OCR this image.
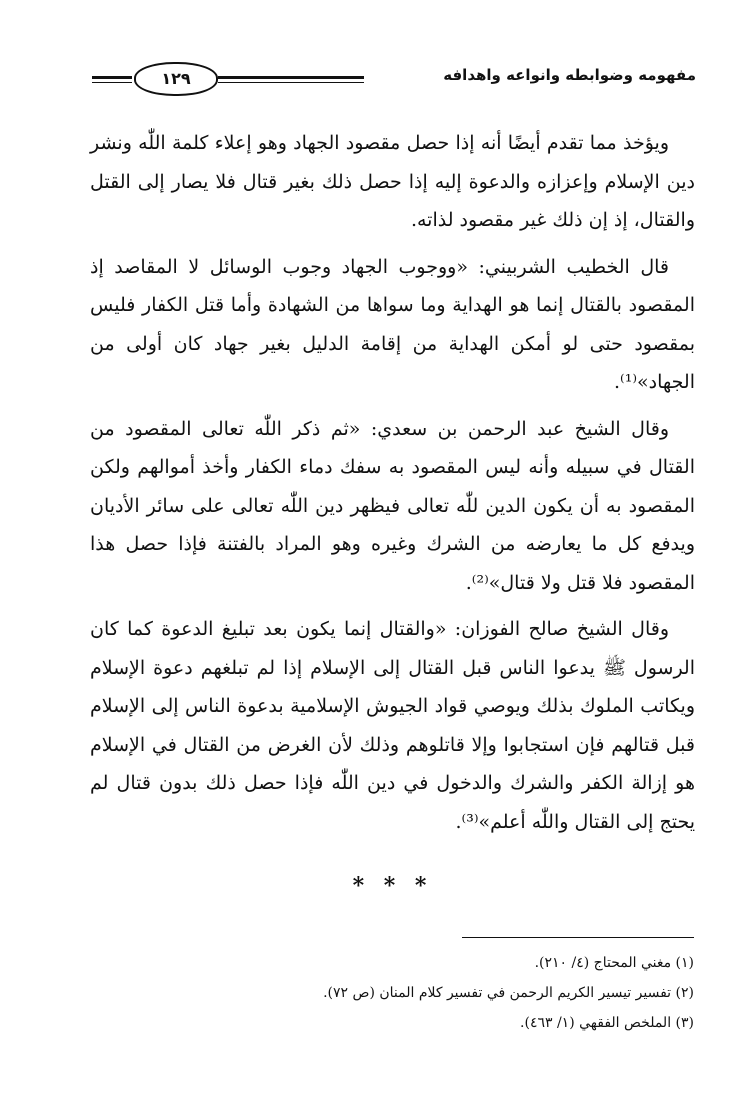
مفهومه وضوابطه وانواعه واهدافه
١٢٩

ويؤخذ مما تقدم أيضًا أنه إذا حصل مقصود الجهاد وهو إعلاء كلمة اللّٰه ونشر دين الإسلام وإعزازه والدعوة إليه إذا حصل ذلك بغير قتال فلا يصار إلى القتل والقتال، إذ إن ذلك غير مقصود لذاته.

قال الخطيب الشربيني: «ووجوب الجهاد وجوب الوسائل لا المقاصد إذ المقصود بالقتال إنما هو الهداية وما سواها من الشهادة وأما قتل الكفار فليس بمقصود حتى لو أمكن الهداية من إقامة الدليل بغير جهاد كان أولى من الجهاد»⁽¹⁾.

وقال الشيخ عبد الرحمن بن سعدي: «ثم ذكر اللّٰه تعالى المقصود من القتال في سبيله وأنه ليس المقصود به سفك دماء الكفار وأخذ أموالهم ولكن المقصود به أن يكون الدين للّٰه تعالى فيظهر دين اللّٰه تعالى على سائر الأديان ويدفع كل ما يعارضه من الشرك وغيره وهو المراد بالفتنة فإذا حصل هذا المقصود فلا قتل ولا قتال»⁽²⁾.

وقال الشيخ صالح الفوزان: «والقتال إنما يكون بعد تبليغ الدعوة كما كان الرسول ﷺ يدعوا الناس قبل القتال إلى الإسلام إذا لم تبلغهم دعوة الإسلام ويكاتب الملوك بذلك ويوصي قواد الجيوش الإسلامية بدعوة الناس إلى الإسلام قبل قتالهم فإن استجابوا وإلا قاتلوهم وذلك لأن الغرض من القتال في الإسلام هو إزالة الكفر والشرك والدخول في دين اللّٰه فإذا حصل ذلك بدون قتال لم يحتج إلى القتال واللّٰه أعلم»⁽³⁾.

* * *

(١) مغني المحتاج (٤/ ٢١٠).

(٢) تفسير تيسير الكريم الرحمن في تفسير كلام المنان (ص ٧٢).

(٣) الملخص الفقهي (١/ ٤٦٣).
